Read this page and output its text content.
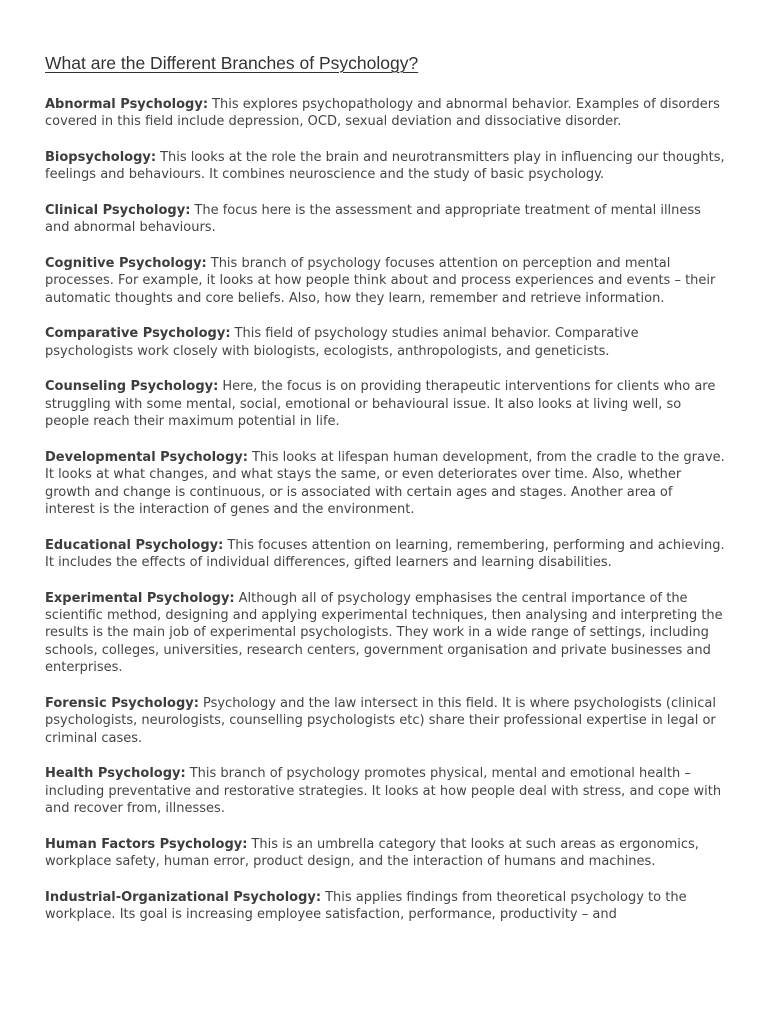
What are the Different Branches of Psychology?

Abnormal Psychology: This explores psychopathology and abnormal behavior. Examples of disorders covered in this field include depression, OCD, sexual deviation and dissociative disorder.

Biopsychology: This looks at the role the brain and neurotransmitters play in influencing our thoughts, feelings and behaviours. It combines neuroscience and the study of basic psychology.

Clinical Psychology: The focus here is the assessment and appropriate treatment of mental illness and abnormal behaviours.

Cognitive Psychology: This branch of psychology focuses attention on perception and mental processes. For example, it looks at how people think about and process experiences and events – their automatic thoughts and core beliefs. Also, how they learn, remember and retrieve information.

Comparative Psychology: This field of psychology studies animal behavior. Comparative psychologists work closely with biologists, ecologists, anthropologists, and geneticists.

Counseling Psychology: Here, the focus is on providing therapeutic interventions for clients who are struggling with some mental, social, emotional or behavioural issue. It also looks at living well, so people reach their maximum potential in life.

Developmental Psychology: This looks at lifespan human development, from the cradle to the grave. It looks at what changes, and what stays the same, or even deteriorates over time. Also, whether growth and change is continuous, or is associated with certain ages and stages. Another area of interest is the interaction of genes and the environment.

Educational Psychology: This focuses attention on learning, remembering, performing and achieving. It includes the effects of individual differences, gifted learners and learning disabilities.

Experimental Psychology: Although all of psychology emphasises the central importance of the scientific method, designing and applying experimental techniques, then analysing and interpreting the results is the main job of experimental psychologists. They work in a wide range of settings, including schools, colleges, universities, research centers, government organisation and private businesses and enterprises.

Forensic Psychology: Psychology and the law intersect in this field. It is where psychologists (clinical psychologists, neurologists, counselling psychologists etc) share their professional expertise in legal or criminal cases.

Health Psychology: This branch of psychology promotes physical, mental and emotional health – including preventative and restorative strategies. It looks at how people deal with stress, and cope with and recover from, illnesses.

Human Factors Psychology: This is an umbrella category that looks at such areas as ergonomics, workplace safety, human error, product design, and the interaction of humans and machines.

Industrial-Organizational Psychology: This applies findings from theoretical psychology to the workplace. Its goal is increasing employee satisfaction, performance, productivity – and
